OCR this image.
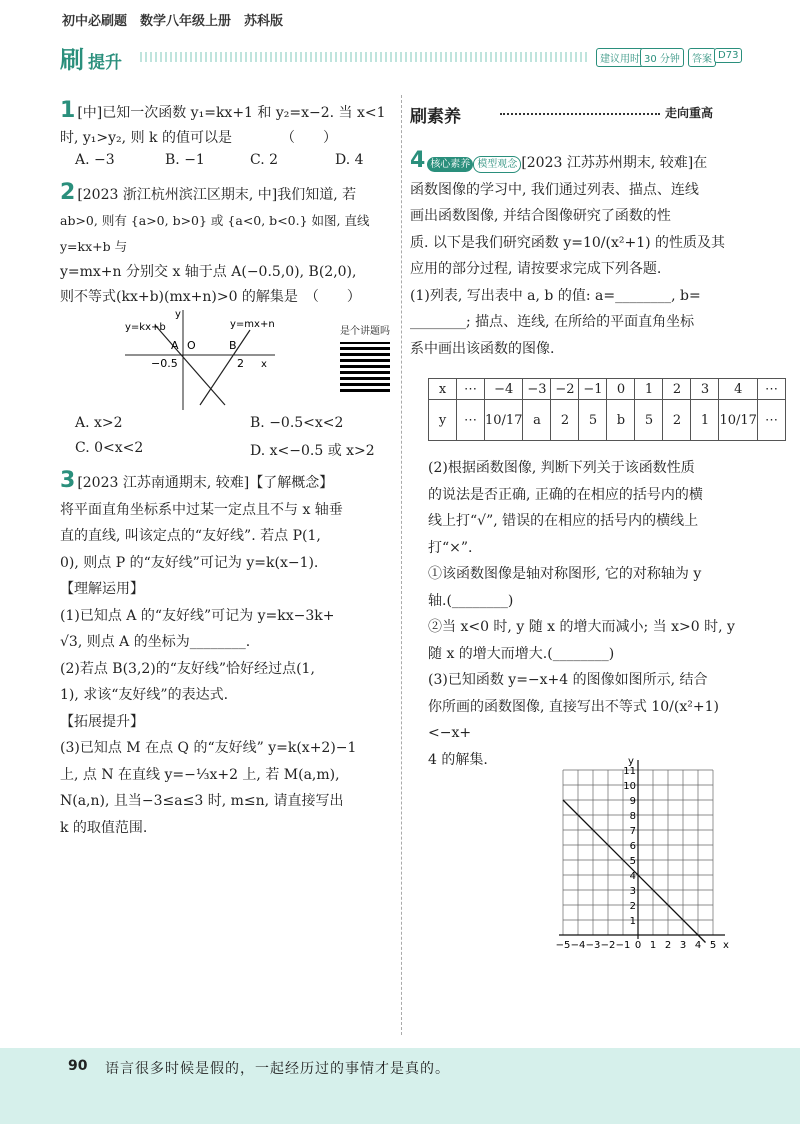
初中必刷题　数学八年级上册　苏科版
刷 提升	建议用时 30 分钟	答案 D73
1 [中]已知一次函数 y₁=kx+1 和 y₂=x−2. 当 x<1
时, y₁>y₂, 则 k 的值可以是　　　　（　　）
A. −3	B. −1	C. 2	D. 4
2 [2023 浙江杭州滨江区期末, 中]我们知道, 若
ab>0, 则有 {a>0, b>0} 或 {a<0, b<0.} 如图, 直线 y=kx+b 与
y=mx+n 分别交 x 轴于点 A(−0.5,0), B(2,0),
则不等式(kx+b)(mx+n)>0 的解集是　（　　）
y=kx+b	y=mx+n
A O	B
−0.5	2 x
y
是个讲题吗
A. x>2	B. −0.5<x<2
C. 0<x<2	D. x<−0.5 或 x>2
3 [2023 江苏南通期末, 较难]【了解概念】
将平面直角坐标系中过某一定点且不与 x 轴垂
直的直线, 叫该定点的“友好线”. 若点 P(1,
0), 则点 P 的“友好线”可记为 y=k(x−1).
【理解运用】
(1)已知点 A 的“友好线”可记为 y=kx−3k+
√3, 则点 A 的坐标为________.
(2)若点 B(3,2)的“友好线”恰好经过点(1,
1), 求该“友好线”的表达式.
【拓展提升】
(3)已知点 M 在点 Q 的“友好线” y=k(x+2)−1
上, 点 N 在直线 y=−⅓x+2 上, 若 M(a,m),
N(a,n), 且当−3≤a≤3 时, m≤n, 请直接写出
k 的取值范围.
刷素养	走向重高
4 核心素养 模型观念 [2023 江苏苏州期末, 较难]在
函数图像的学习中, 我们通过列表、描点、连线
画出函数图像, 并结合图像研究了函数的性
质. 以下是我们研究函数 y=10/(x²+1) 的性质及其
应用的部分过程, 请按要求完成下列各题.
(1)列表, 写出表中 a, b 的值: a=________, b=
________; 描点、连线, 在所给的平面直角坐标
系中画出该函数的图像.
x	⋯	−4	−3	−2	−1	0	1	2	3	4	⋯
y	⋯	10/17	a	2	5	b	5	2	1	10/17	⋯
(2)根据函数图像, 判断下列关于该函数性质
的说法是否正确, 正确的在相应的括号内的横
线上打“√”, 错误的在相应的括号内的横线上
打“×”.
①该函数图像是轴对称图形, 它的对称轴为 y
轴.(________)
②当 x<0 时, y 随 x 的增大而减小; 当 x>0 时, y
随 x 的增大而增大.(________)
(3)已知函数 y=−x+4 的图像如图所示, 结合
你所画的函数图像, 直接写出不等式 10/(x²+1)<−x+
4 的解集.
1
2
3
4
5
6
7
8
9
10
11
−5 −4 −3 −2 −1 0 1 2 3 4 5 x
y
90 语言很多时候是假的，一起经历过的事情才是真的。
